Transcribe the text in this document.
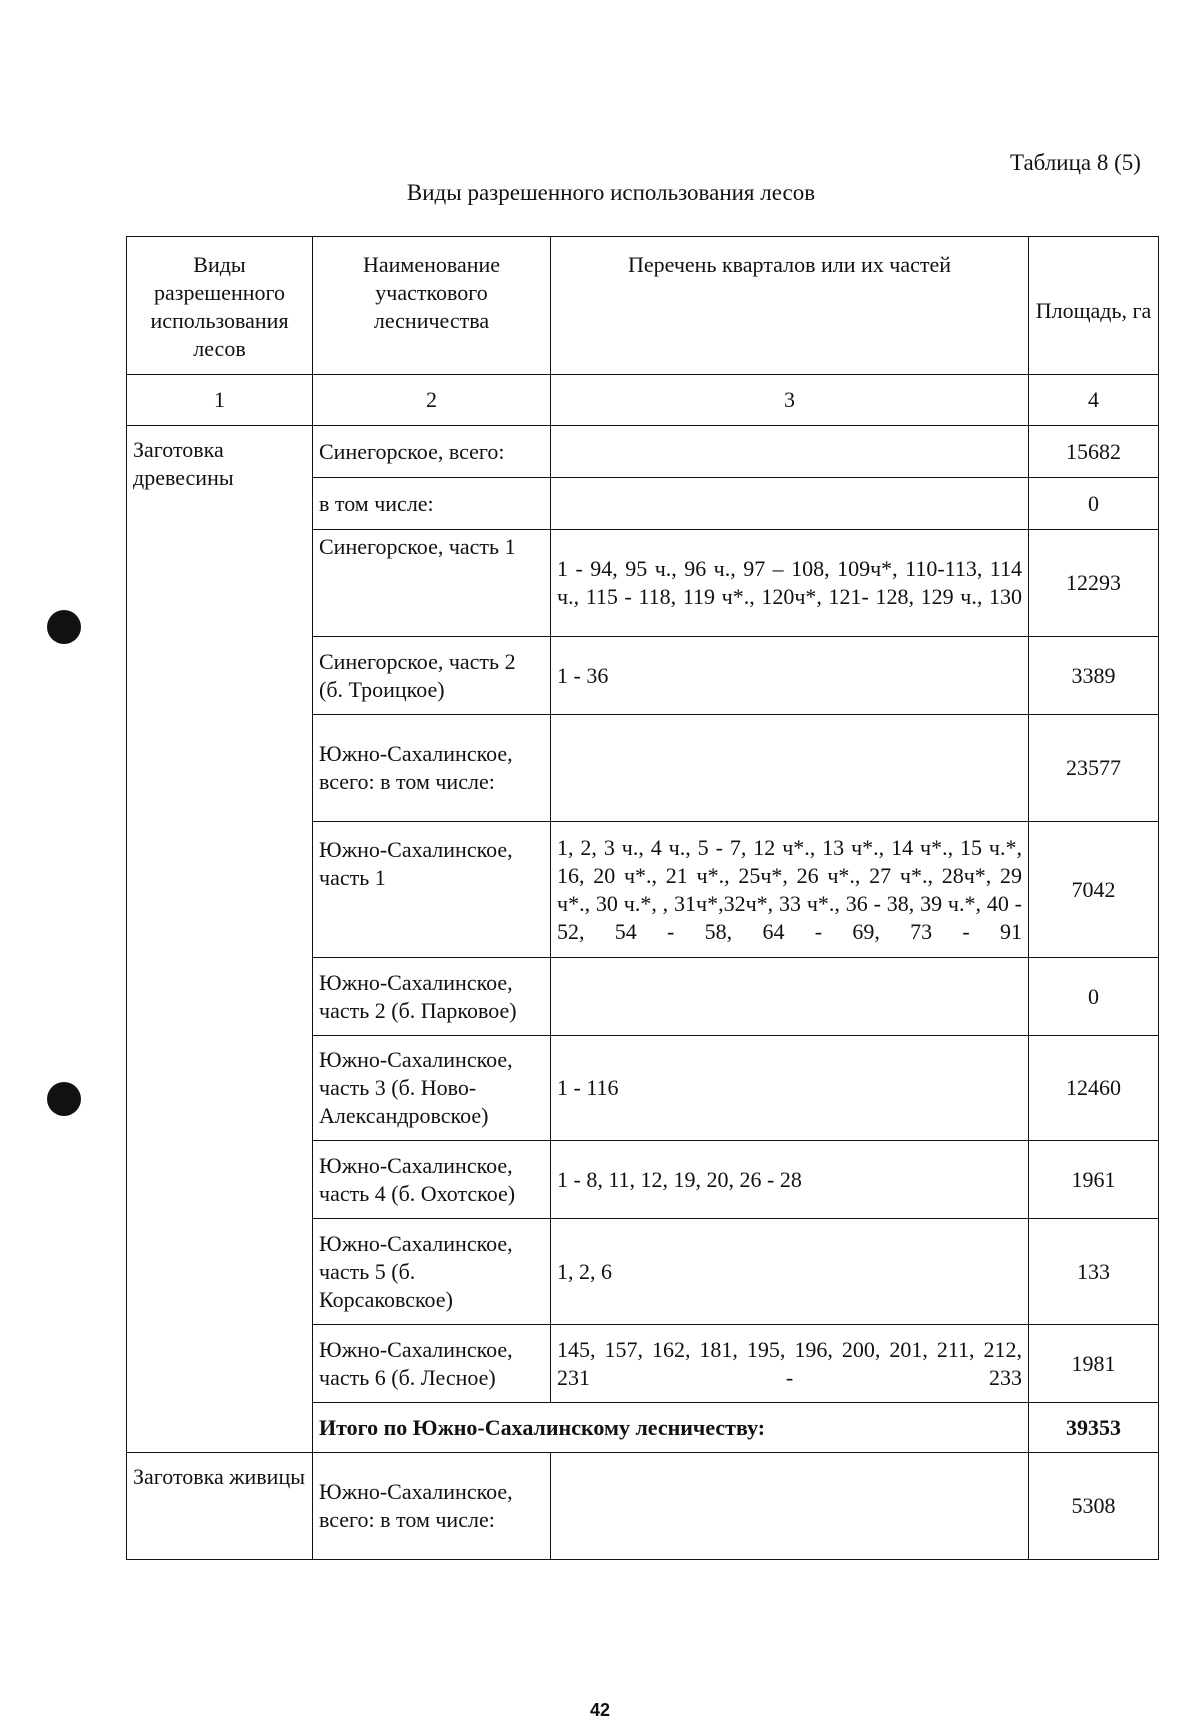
Таблица 8 (5)
Виды разрешенного использования лесов
Виды разрешенного использования лесов	Наименование участкового лесничества	Перечень кварталов или их частей	Площадь, га
1	2	3	4
Заготовка древесины	Синегорское, всего:		15682
	в том числе:		0
	Синегорское, часть 1	1 - 94, 95 ч., 96 ч., 97 – 108, 109ч*, 110-113, 114 ч., 115 - 118, 119 ч*., 120ч*, 121- 128, 129 ч., 130	12293
	Синегорское, часть 2 (б. Троицкое)	1 - 36	3389
	Южно-Сахалинское, всего: в том числе:		23577
	Южно-Сахалинское, часть 1	1, 2, 3 ч., 4 ч., 5 - 7, 12 ч*., 13 ч*., 14 ч*., 15 ч.*, 16, 20 ч*., 21 ч*., 25ч*, 26 ч*., 27 ч*., 28ч*, 29 ч*., 30 ч.*, , 31ч*,32ч*, 33 ч*., 36 - 38, 39 ч.*, 40 - 52, 54 - 58, 64 - 69, 73 - 91	7042
	Южно-Сахалинское, часть 2 (б. Парковое)		0
	Южно-Сахалинское, часть 3 (б. Ново-Александровское)	1 - 116	12460
	Южно-Сахалинское, часть 4 (б. Охотское)	1 - 8, 11, 12, 19, 20, 26 - 28	1961
	Южно-Сахалинское, часть 5 (б. Корсаковское)	1, 2, 6	133
	Южно-Сахалинское, часть 6 (б. Лесное)	145, 157, 162, 181, 195, 196, 200, 201, 211, 212, 231 - 233	1981
	Итого по Южно-Сахалинскому лесничеству:		39353
Заготовка живицы	Южно-Сахалинское, всего: в том числе:		5308
42
